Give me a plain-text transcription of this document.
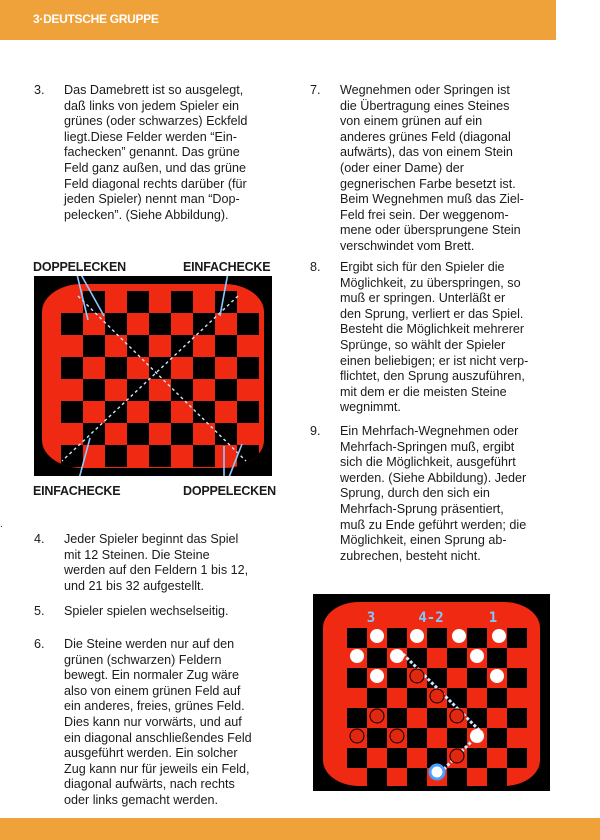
3·DEUTSCHE GRUPPE
3. Das Damebrett ist so ausgelegt,
daß links von jedem Spieler ein
grünes (oder schwarzes) Eckfeld
liegt.Diese Felder werden “Ein-
fachecken” genannt. Das grüne
Feld ganz außen, und das grüne
Feld diagonal rechts darüber (für
jeden Spieler) nennt man “Dop-
pelecken”. (Siehe Abbildung).
DOPPELECKEN	EINFACHECKE
EINFACHECKE	DOPPELECKEN
4. Jeder Spieler beginnt das Spiel
mit 12 Steinen. Die Steine
werden auf den Feldern 1 bis 12,
und 21 bis 32 aufgestellt.
5. Spieler spielen wechselseitig.
6. Die Steine werden nur auf den
grünen (schwarzen) Feldern
bewegt. Ein normaler Zug wäre
also von einem grünen Feld auf
ein anderes, freies, grünes Feld.
Dies kann nur vorwärts, und auf
ein diagonal anschließendes Feld
ausgeführt werden. Ein solcher
Zug kann nur für jeweils ein Feld,
diagonal aufwärts, nach rechts
oder links gemacht werden.
7. Wegnehmen oder Springen ist
die Übertragung eines Steines
von einem grünen auf ein
anderes grünes Feld (diagonal
aufwärts), das von einem Stein
(oder einer Dame) der
gegnerischen Farbe besetzt ist.
Beim Wegnehmen muß das Ziel-
Feld frei sein. Der weggenom-
mene oder übersprungene Stein
verschwindet vom Brett.
8. Ergibt sich für den Spieler die
Möglichkeit, zu überspringen, so
muß er springen. Unterläßt er
den Sprung, verliert er das Spiel.
Besteht die Möglichkeit mehrerer
Sprünge, so wählt der Spieler
einen beliebigen; er ist nicht verp-
flichtet, den Sprung auszuführen,
mit dem er die meisten Steine
wegnimmt.
9. Ein Mehrfach-Wegnehmen oder
Mehrfach-Springen muß, ergibt
sich die Möglichkeit, ausgeführt
werden. (Siehe Abbildung). Jeder
Sprung, durch den sich ein
Mehrfach-Sprung präsentiert,
muß zu Ende geführt werden; die
Möglichkeit, einen Sprung ab-
zubrechen, besteht nicht.
3	4-2	1
.
